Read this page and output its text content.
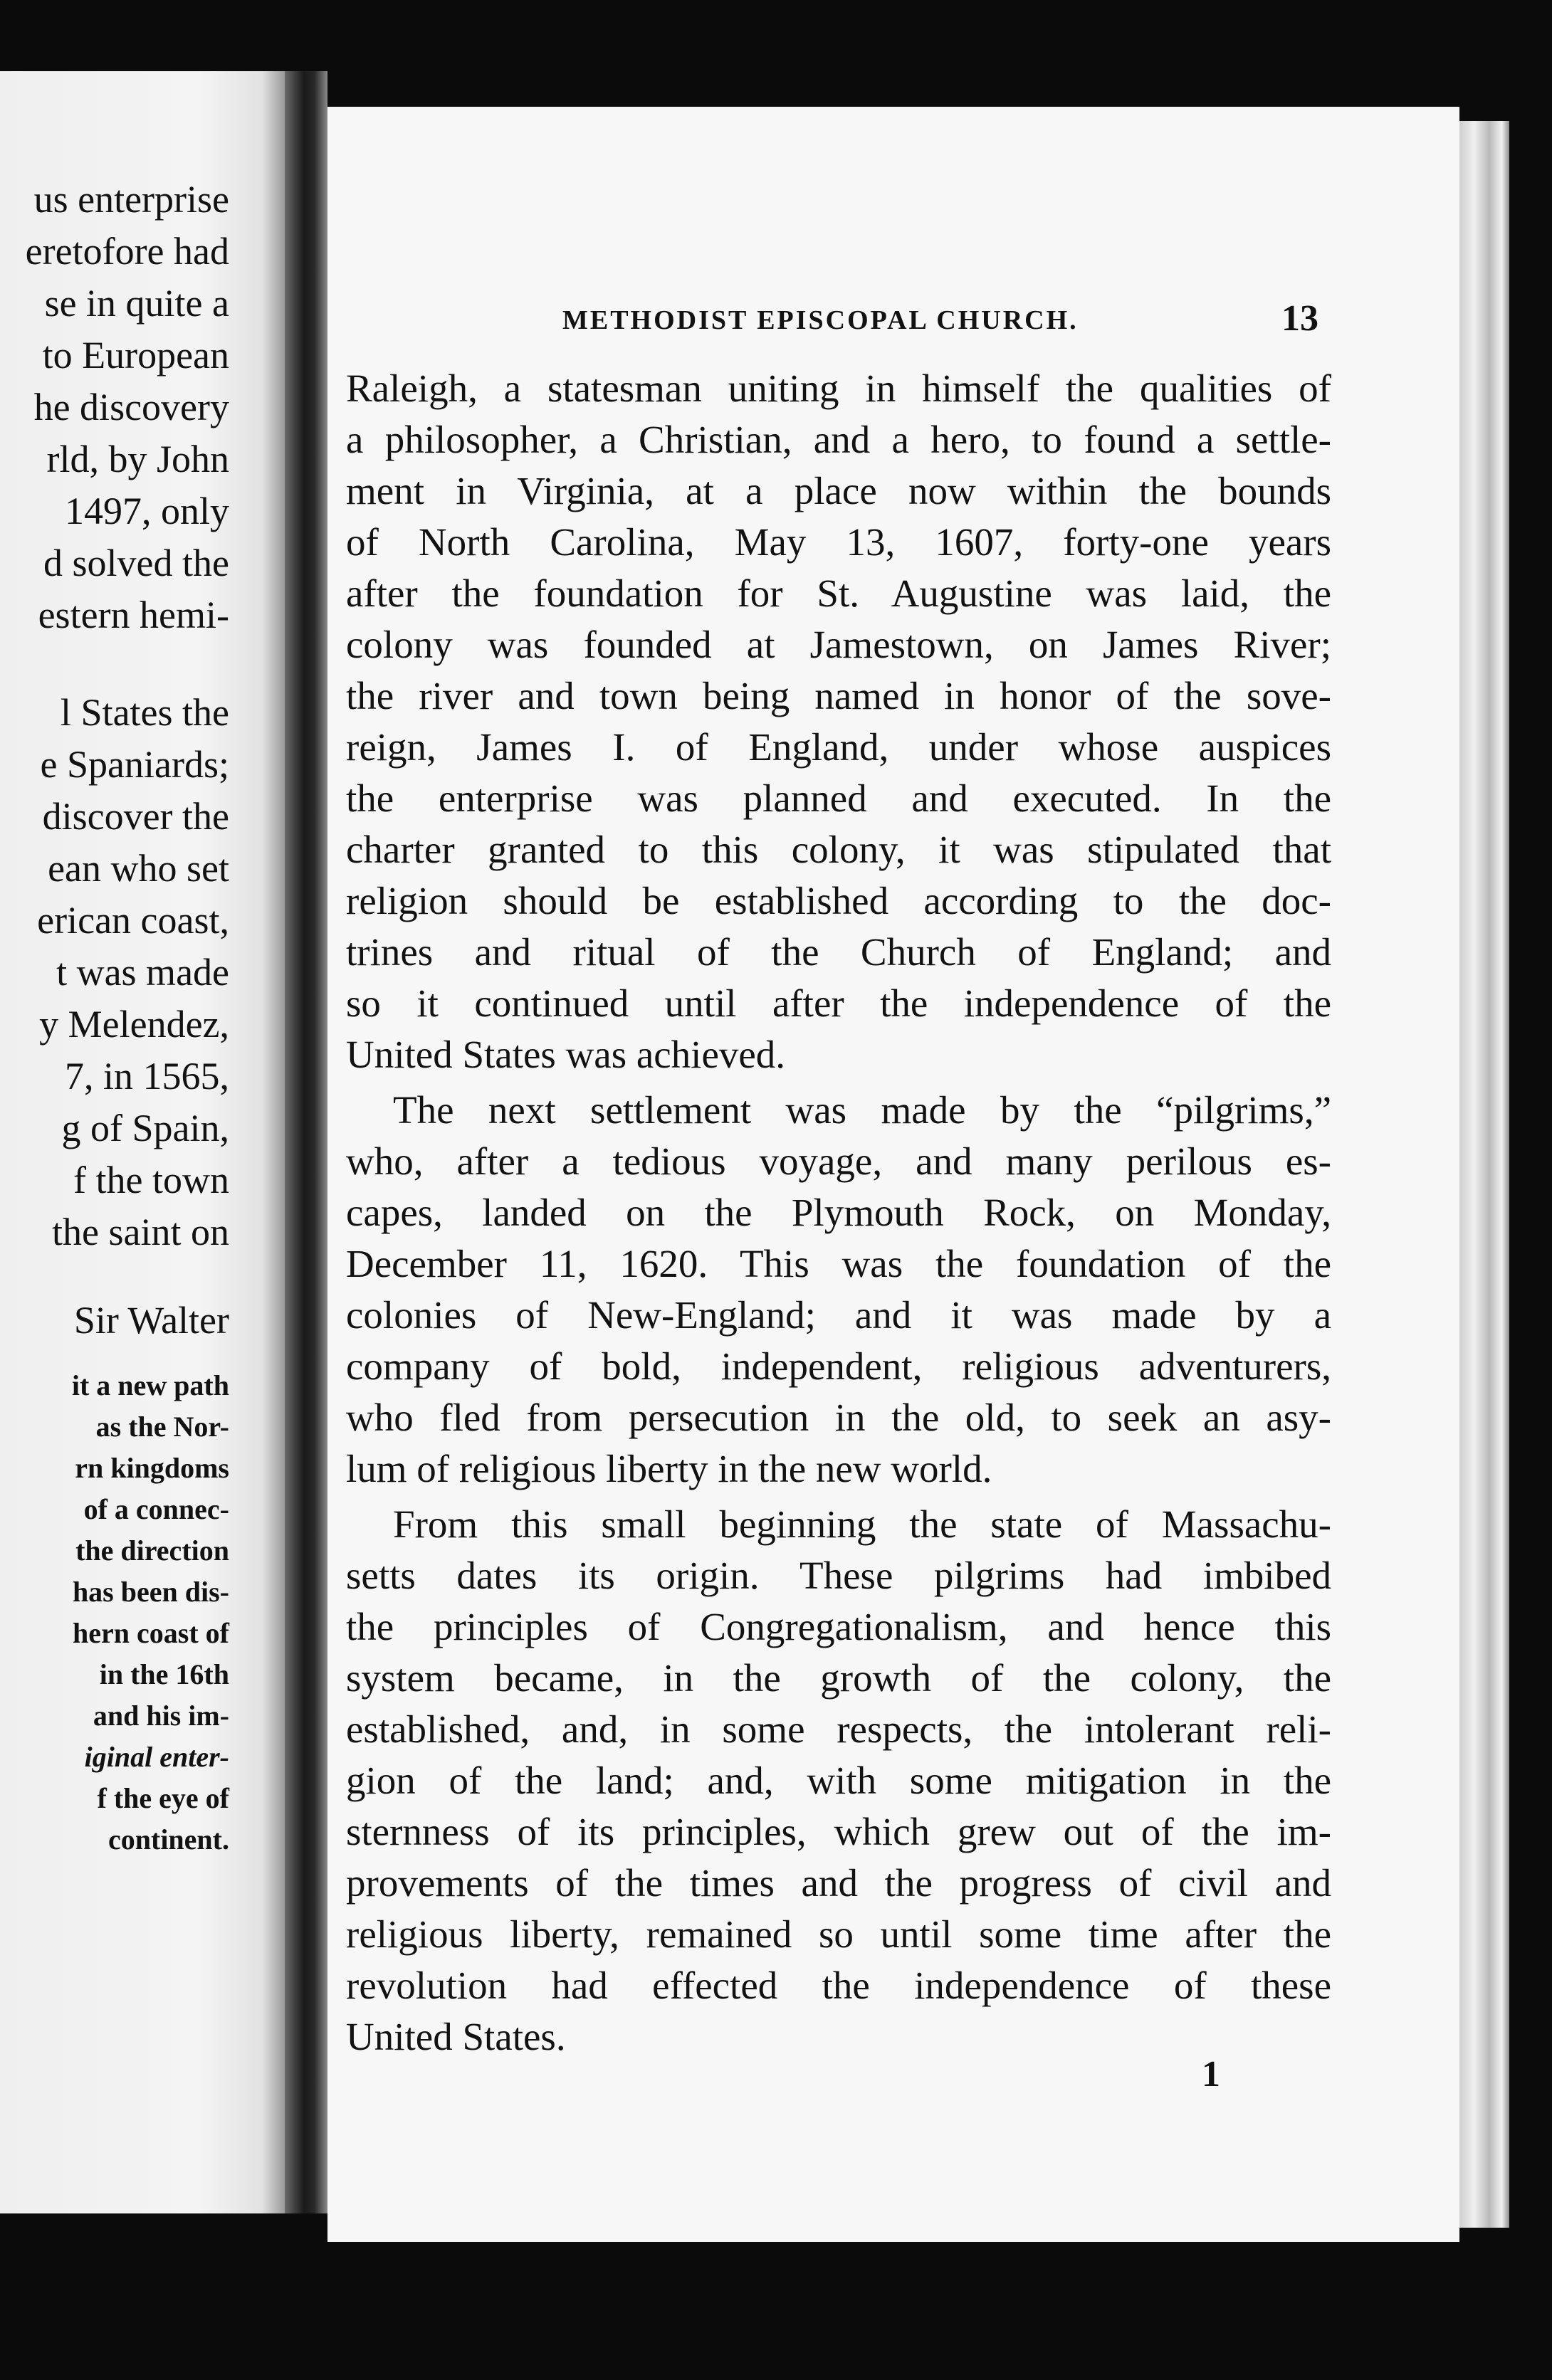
us enterprise
eretofore had
se in quite a
to European
he discovery
rld, by John
1497, only
d solved the
estern hemi-
l States the
e Spaniards;
discover the
ean who set
erican coast,
t was made
y Melendez,
7, in 1565,
g of Spain,
f the town
the saint on
Sir Walter
it a new path
as the Nor-
rn kingdoms
of a connec-
the direction
has been dis-
hern coast of
in the 16th
and his im-
iginal enter-
f the eye of
continent.
METHODIST EPISCOPAL CHURCH.	13
Raleigh, a statesman uniting in himself the qualities of
a philosopher, a Christian, and a hero, to found a settle-
ment in Virginia, at a place now within the bounds
of North Carolina, May 13, 1607, forty-one years
after the foundation for St. Augustine was laid, the
colony was founded at Jamestown, on James River;
the river and town being named in honor of the sove-
reign, James I. of England, under whose auspices
the enterprise was planned and executed. In the
charter granted to this colony, it was stipulated that
religion should be established according to the doc-
trines and ritual of the Church of England; and
so it continued until after the independence of the
United States was achieved.
The next settlement was made by the “pilgrims,”
who, after a tedious voyage, and many perilous es-
capes, landed on the Plymouth Rock, on Monday,
December 11, 1620. This was the foundation of the
colonies of New-England; and it was made by a
company of bold, independent, religious adventurers,
who fled from persecution in the old, to seek an asy-
lum of religious liberty in the new world.
From this small beginning the state of Massachu-
setts dates its origin. These pilgrims had imbibed
the principles of Congregationalism, and hence this
system became, in the growth of the colony, the
established, and, in some respects, the intolerant reli-
gion of the land; and, with some mitigation in the
sternness of its principles, which grew out of the im-
provements of the times and the progress of civil and
religious liberty, remained so until some time after the
revolution had effected the independence of these
United States.
1
